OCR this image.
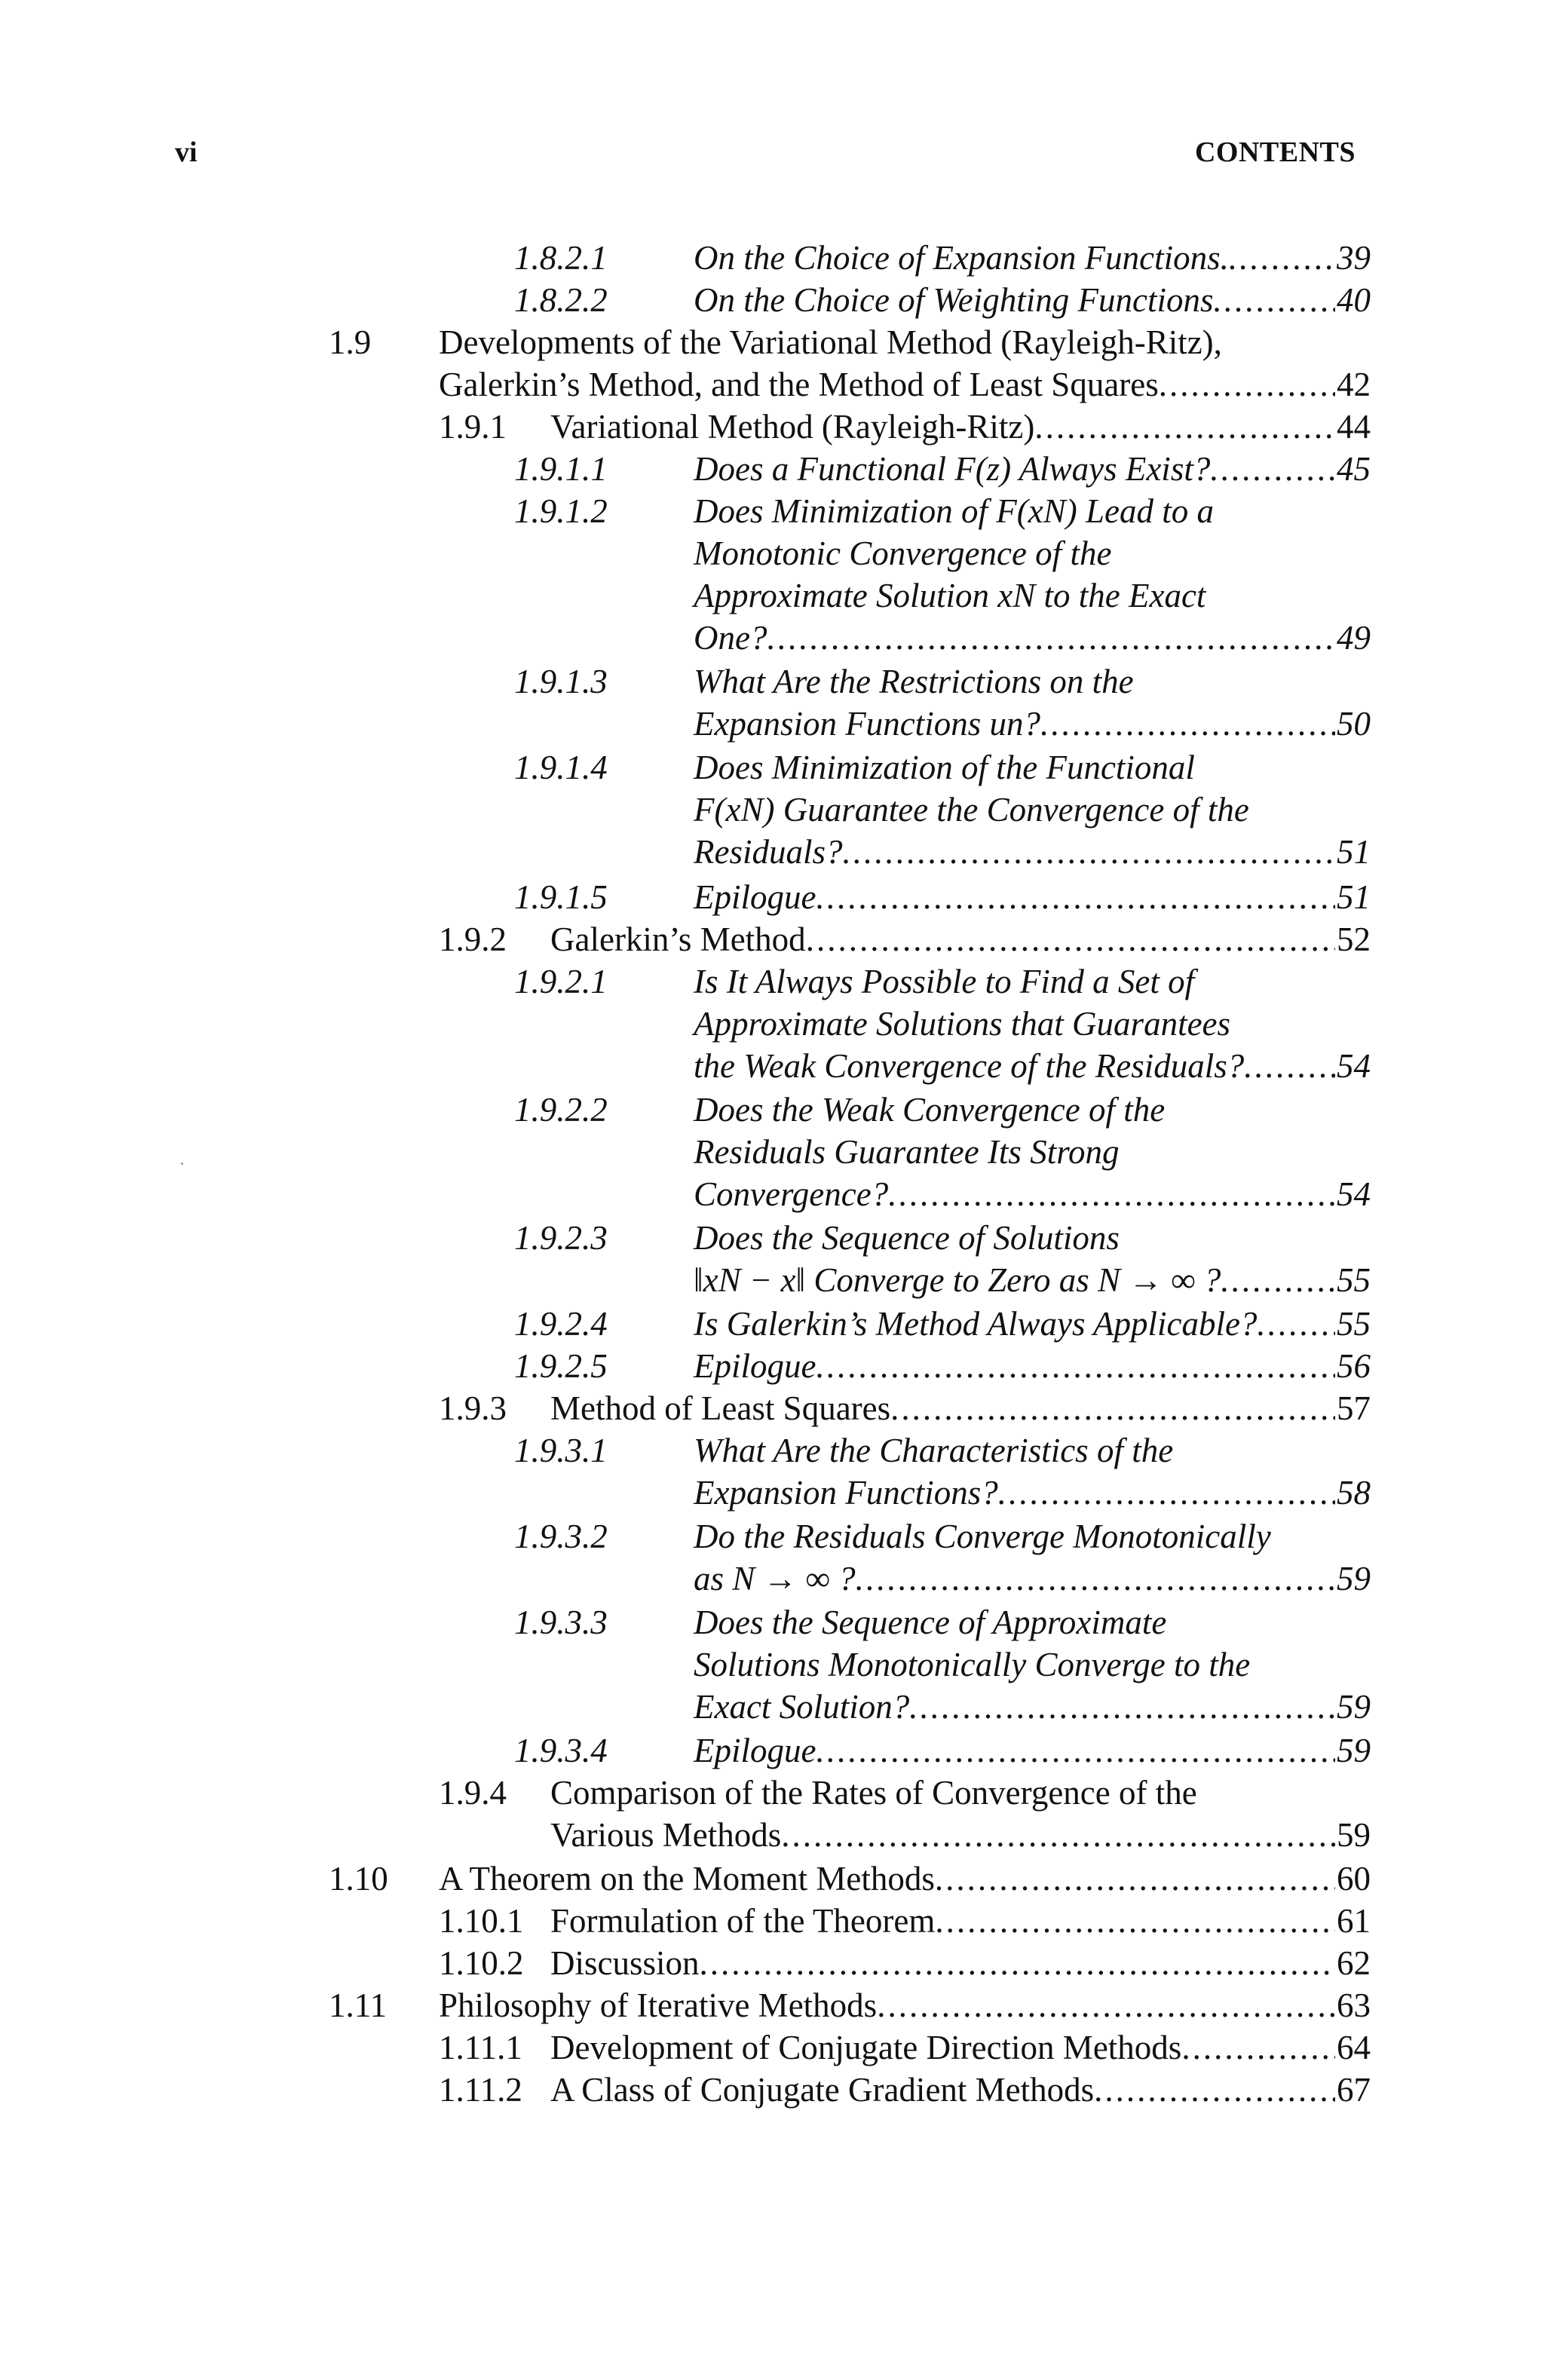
vi	CONTENTS
1.8.2.1	On the Choice of Expansion Functions. .....	39
1.8.2.2	On the Choice of Weighting Functions .....	40
1.9 Developments of the Variational Method (Rayleigh-Ritz),
Galerkin’s Method, and the Method of Least Squares .....	42
1.9.1 Variational Method (Rayleigh-Ritz) .....	44
1.9.1.1	Does a Functional F(z) Always Exist? .....	45
1.9.1.2	Does Minimization of F(xN) Lead to a
Monotonic Convergence of the
Approximate Solution xN to the Exact
One? .....	49
1.9.1.3	What Are the Restrictions on the
Expansion Functions un? .....	50
1.9.1.4	Does Minimization of the Functional
F(xN) Guarantee the Convergence of the
Residuals? .....	51
1.9.1.5	Epilogue .....	51
1.9.2 Galerkin’s Method .....	52
1.9.2.1	Is It Always Possible to Find a Set of
Approximate Solutions that Guarantees
the Weak Convergence of the Residuals? .....	54
1.9.2.2	Does the Weak Convergence of the
Residuals Guarantee Its Strong
Convergence? .....	54
1.9.2.3	Does the Sequence of Solutions
‖xN − x‖ Converge to Zero as N → ∞ ? .....	55
1.9.2.4	Is Galerkin’s Method Always Applicable? ..... 55
1.9.2.5	Epilogue .....	56
1.9.3 Method of Least Squares .....	57
1.9.3.1	What Are the Characteristics of the
Expansion Functions? .....	58
1.9.3.2	Do the Residuals Converge Monotonically
as N → ∞ ? .....	59
1.9.3.3	Does the Sequence of Approximate
Solutions Monotonically Converge to the
Exact Solution? .....	59
1.9.3.4	Epilogue .....	59
1.9.4 Comparison of the Rates of Convergence of the
Various Methods .....	59
1.10 A Theorem on the Moment Methods .....	60
1.10.1 Formulation of the Theorem .....	61
1.10.2 Discussion .....	62
1.11 Philosophy of Iterative Methods .....	63
1.11.1 Development of Conjugate Direction Methods .....	64
1.11.2 A Class of Conjugate Gradient Methods .....	67
